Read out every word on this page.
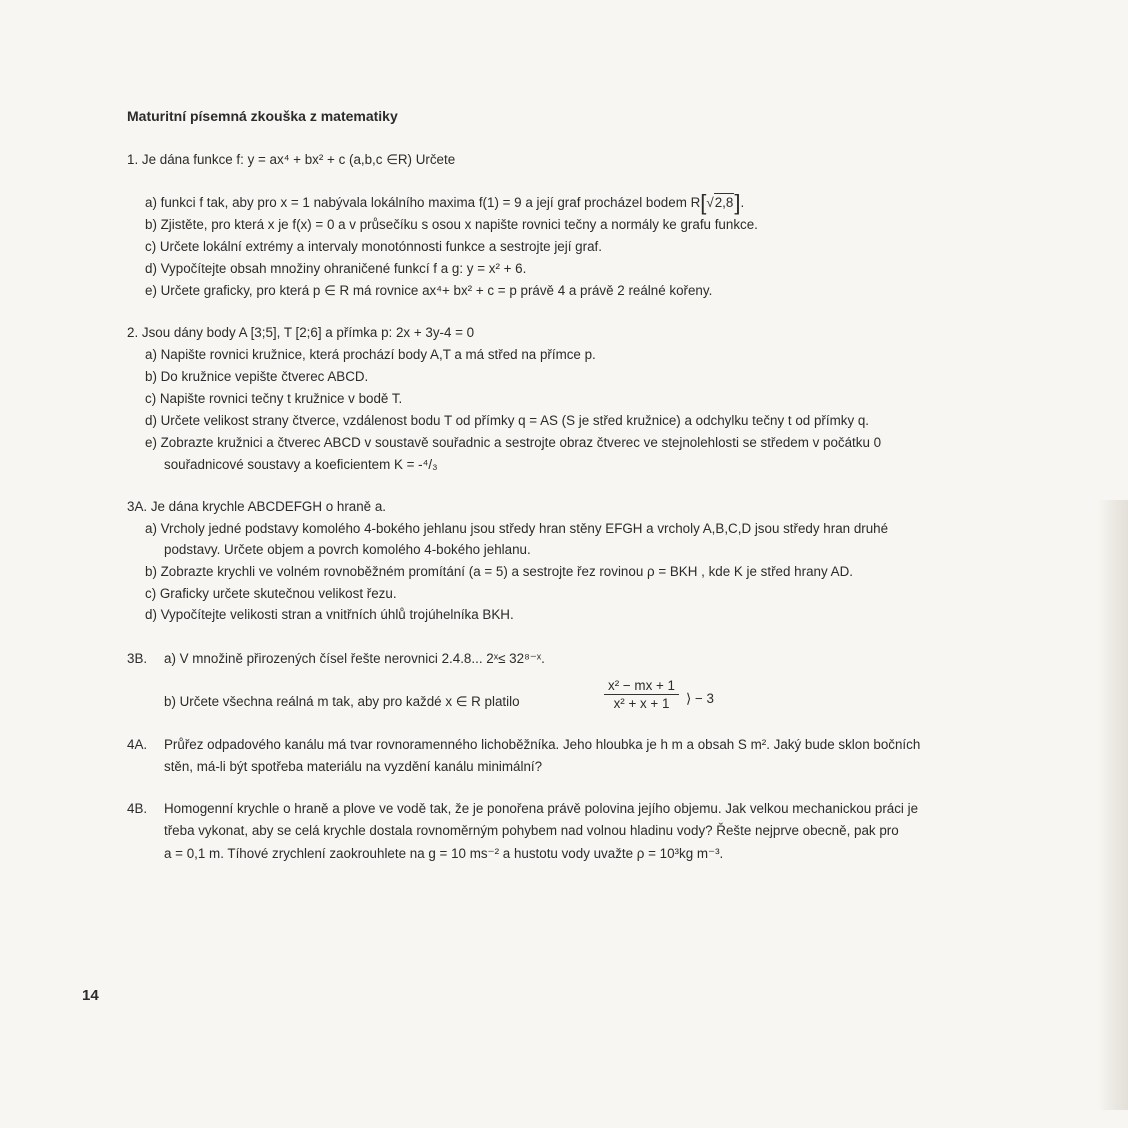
Maturitní písemná zkouška z matematiky
1. Je dána funkce f: y = ax⁴ + bx² + c (a,b,c ∈R) Určete
a) funkci f tak, aby pro x = 1 nabývala lokálního maxima f(1) = 9 a její graf procházel bodem R[√2,8].
b) Zjistěte, pro která x je f(x) = 0 a v průsečíku s osou x napište rovnici tečny a normály ke grafu funkce.
c) Určete lokální extrémy a intervaly monotónnosti funkce a sestrojte její graf.
d) Vypočítejte obsah množiny ohraničené funkcí f a g: y = x² + 6.
e) Určete graficky, pro která p ∈ R má rovnice ax⁴+ bx² + c = p právě 4 a právě 2 reálné kořeny.
2. Jsou dány body A [3;5], T [2;6] a přímka p: 2x + 3y-4 = 0
a) Napište rovnici kružnice, která prochází body A,T a má střed na přímce p.
b) Do kružnice vepište čtverec ABCD.
c) Napište rovnici tečny t kružnice v bodě T.
d) Určete velikost strany čtverce, vzdálenost bodu T od přímky q = AS (S je střed kružnice) a odchylku tečny t od přímky q.
e) Zobrazte kružnici a čtverec ABCD v soustavě souřadnic a sestrojte obraz čtverec ve stejnolehlosti se středem v počátku 0
souřadnicové soustavy a koeficientem K = -⁴/₃
3A. Je dána krychle ABCDEFGH o hraně a.
a) Vrcholy jedné podstavy komolého 4-bokého jehlanu jsou středy hran stěny EFGH a vrcholy A,B,C,D jsou středy hran druhé
podstavy. Určete objem a povrch komolého 4-bokého jehlanu.
b) Zobrazte krychli ve volném rovnoběžném promítání (a = 5) a sestrojte řez rovinou ρ = BKH , kde K je střed hrany AD.
c) Graficky určete skutečnou velikost řezu.
d) Vypočítejte velikosti stran a vnitřních úhlů trojúhelníka BKH.
3B. a) V množině přirozených čísel řešte nerovnici 2.4.8... 2ˣ≤ 32⁸⁻ˣ.
b) Určete všechna reálná m tak, aby pro každé x ∈ R platilo	$\frac{\text{x² − mx + 1}}{\text{x² + x + 1}}$ ⟩ − 3
4A. Průřez odpadového kanálu má tvar rovnoramenného lichoběžníka. Jeho hloubka je h m a obsah S m². Jaký bude sklon bočních
stěn, má-li být spotřeba materiálu na vyzdění kanálu minimální?
4B. Homogenní krychle o hraně a plove ve vodě tak, že je ponořena právě polovina jejího objemu. Jak velkou mechanickou práci je
třeba vykonat, aby se celá krychle dostala rovnoměrným pohybem nad volnou hladinu vody? Řešte nejprve obecně, pak pro
a = 0,1 m. Tíhové zrychlení zaokrouhlete na g = 10 ms⁻² a hustotu vody uvažte ρ = 10³kg m⁻³.
14
